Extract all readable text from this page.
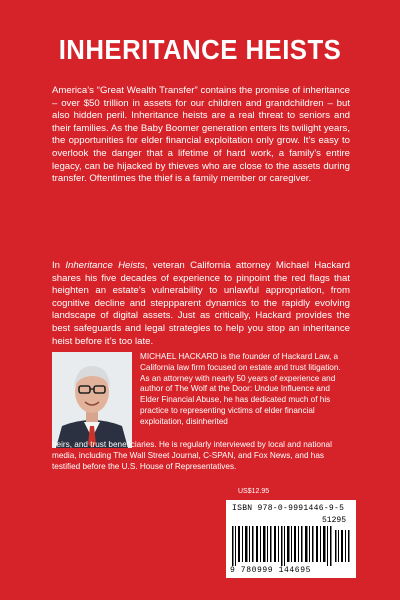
INHERITANCE HEISTS
America’s “Great Wealth Transfer” contains the promise of inheritance – over $50 trillion in assets for our children and grandchildren – but also hidden peril. Inheritance heists are a real threat to seniors and their families. As the Baby Boomer generation enters its twilight years, the opportunities for elder financial exploitation only grow. It’s easy to overlook the danger that a lifetime of hard work, a family’s entire legacy, can be hijacked by thieves who are close to the assets during transfer. Oftentimes the thief is a family member or caregiver.
In Inheritance Heists, veteran California attorney Michael Hackard shares his five decades of experience to pinpoint the red flags that heighten an estate’s vulnerability to unlawful appropriation, from cognitive decline and steppparent dynamics to the rapidly evolving landscape of digital assets. Just as critically, Hackard provides the best safeguards and legal strategies to help you stop an inheritance heist before it’s too late.
MICHAEL HACKARD is the founder of Hackard Law, a California law firm focused on estate and trust litigation. As an attorney with nearly 50 years of experience and author of The Wolf at the Door: Undue Influence and Elder Financial Abuse, he has dedicated much of his practice to representing victims of elder financial exploitation, disinherited
heirs, and trust beneficiaries. He is regularly interviewed by local and national media, including The Wall Street Journal, C-SPAN, and Fox News, and has testified before the U.S. House of Representatives.
US$12.95
ISBN 978-0-9991446-9-5
51295
9 780999 144695
